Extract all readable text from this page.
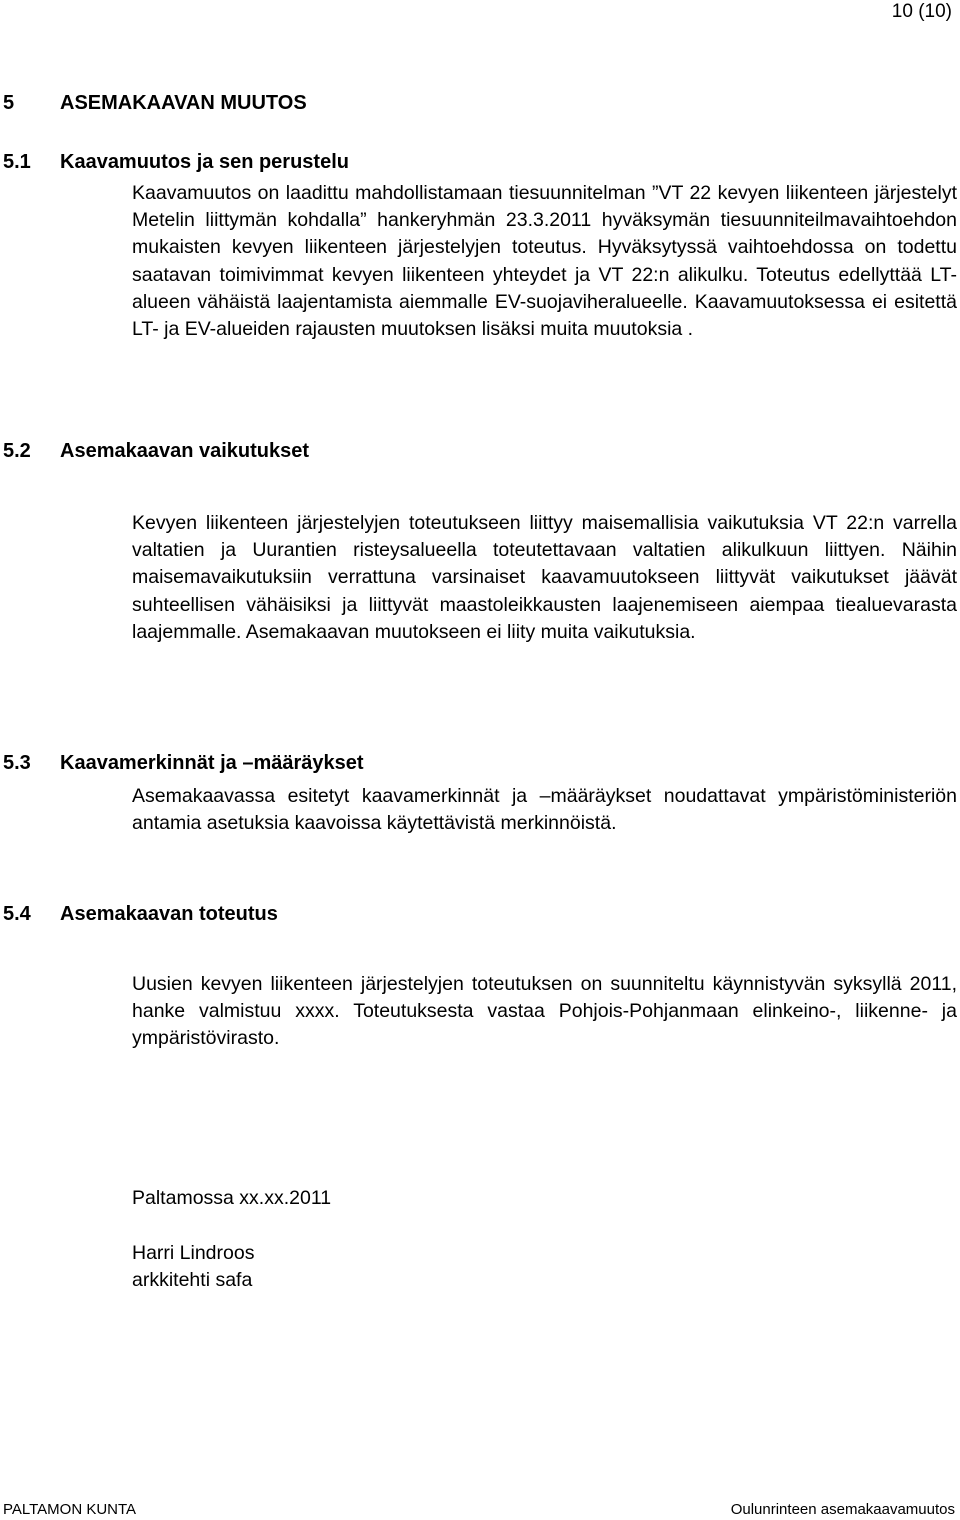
10 (10)
5 ASEMAKAAVAN MUUTOS
5.1 Kaavamuutos ja sen perustelu
Kaavamuutos on laadittu mahdollistamaan tiesuunnitelman ”VT 22 kevyen liikenteen järjestelyt Metelin liittymän kohdalla” hankeryhmän 23.3.2011 hyväksymän tiesuunniteilmavaihtoehdon mukaisten kevyen liikenteen järjestelyjen toteutus. Hyväksytyssä vaihtoehdossa on todettu saatavan toimivimmat kevyen liikenteen yhteydet ja VT 22:n alikulku. Toteutus edellyttää LT-alueen vähäistä laajentamista aiemmalle EV-suojaviheralueelle. Kaavamuutoksessa ei esitettä LT- ja EV-alueiden rajausten muutoksen lisäksi muita muutoksia .
5.2 Asemakaavan vaikutukset
Kevyen liikenteen järjestelyjen toteutukseen liittyy maisemallisia vaikutuksia VT 22:n varrella valtatien ja Uurantien risteysalueella toteutettavaan valtatien alikulkuun liittyen. Näihin maisemavaikutuksiin verrattuna varsinaiset kaavamuutokseen liittyvät vaikutukset jäävät suhteellisen vähäisiksi ja liittyvät maastoleikkausten laajenemiseen aiempaa tiealuevarasta laajemmalle. Asemakaavan muutokseen ei liity muita vaikutuksia.
5.3 Kaavamerkinnät ja –määräykset
Asemakaavassa esitetyt kaavamerkinnät ja –määräykset noudattavat ympäristöministeriön antamia asetuksia kaavoissa käytettävistä merkinnöistä.
5.4 Asemakaavan toteutus
Uusien kevyen liikenteen järjestelyjen toteutuksen on suunniteltu käynnistyvän syksyllä 2011, hanke valmistuu xxxx. Toteutuksesta vastaa Pohjois-Pohjanmaan elinkeino-, liikenne- ja ympäristövirasto.
Paltamossa xx.xx.2011
Harri Lindroos
arkkitehti safa
PALTAMON KUNTA	Oulunrinteen asemakaavamuutos
